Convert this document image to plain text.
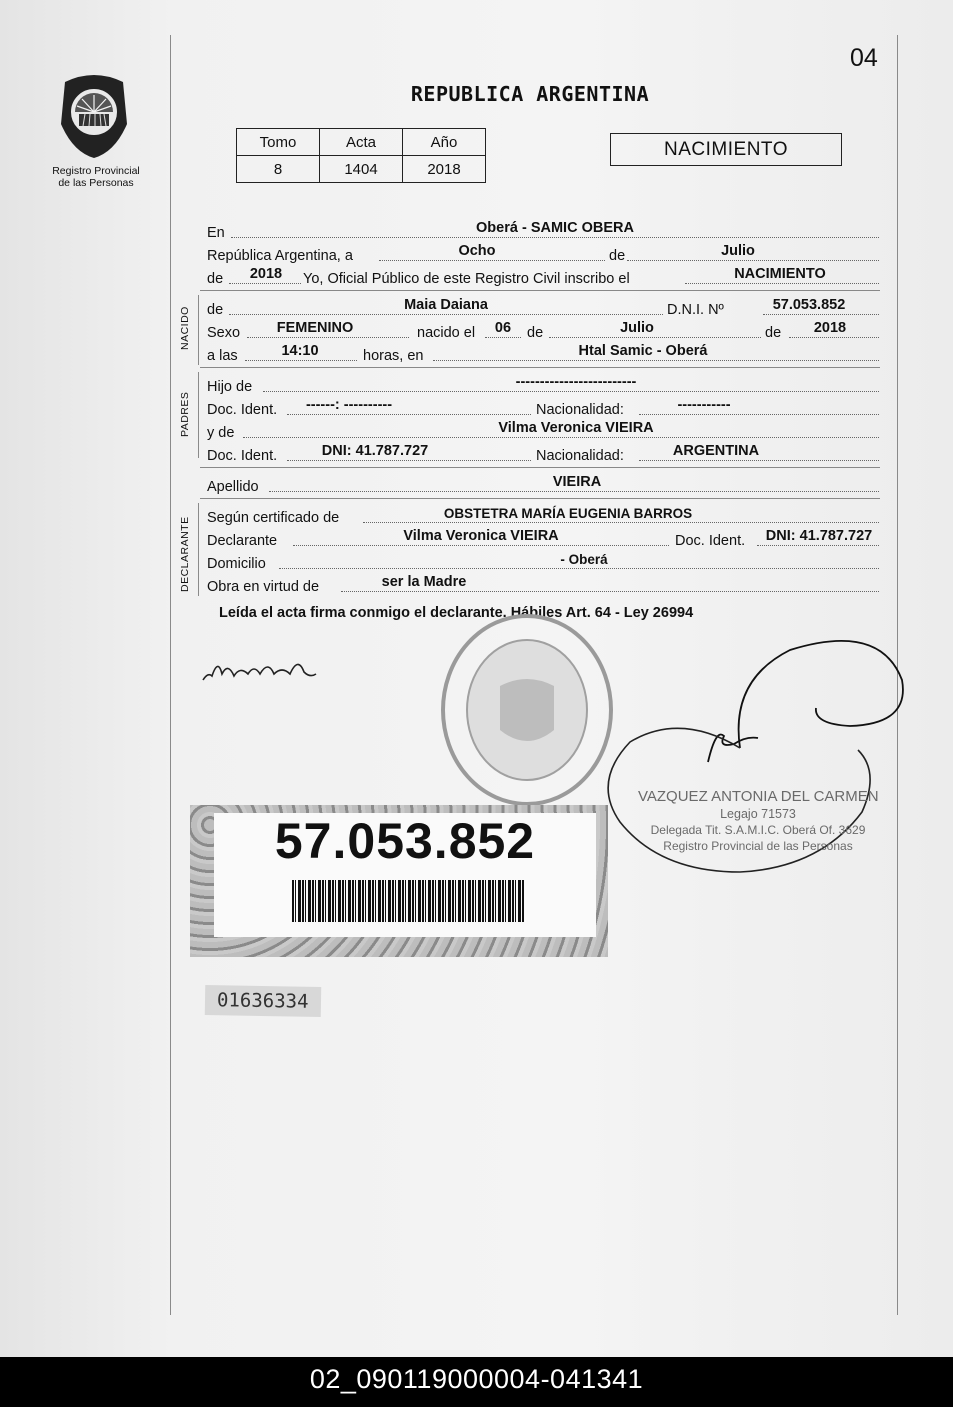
Registro Provincial
de las Personas
04
REPUBLICA ARGENTINA
Tomo	Acta	Año
8	1404	2018
NACIMIENTO
En	Oberá - SAMIC OBERA
República Argentina, a	Ocho	de	Julio
de	2018	Yo, Oficial Público de este Registro Civil inscribo el	NACIMIENTO
NACIDO de	Maia Daiana	D.N.I. Nº	57.053.852
Sexo	FEMENINO	nacido el	06	de	Julio	de	2018
a las	14:10	horas, en	Htal Samic - Oberá
PADRES
Hijo de	-------------------------
Doc. Ident.	------: ----------	Nacionalidad:	-----------
y de	Vilma Veronica VIEIRA
Doc. Ident.	DNI: 41.787.727	Nacionalidad:	ARGENTINA
Apellido	VIEIRA
DECLARANTE Según certificado de	OBSTETRA MARÍA EUGENIA BARROS
Declarante	Vilma Veronica VIEIRA	Doc. Ident.	DNI: 41.787.727
Domicilio	- Oberá
Obra en virtud de	ser la Madre
Leída el acta firma conmigo el declarante. Hábiles Art. 64 - Ley 26994
VAZQUEZ ANTONIA DEL CARMEN
Legajo 71573
Delegada Tit. S.A.M.I.C. Oberá Of. 3629
Registro Provincial de las Personas
57.053.852
01636334
02_090119000004-041341
